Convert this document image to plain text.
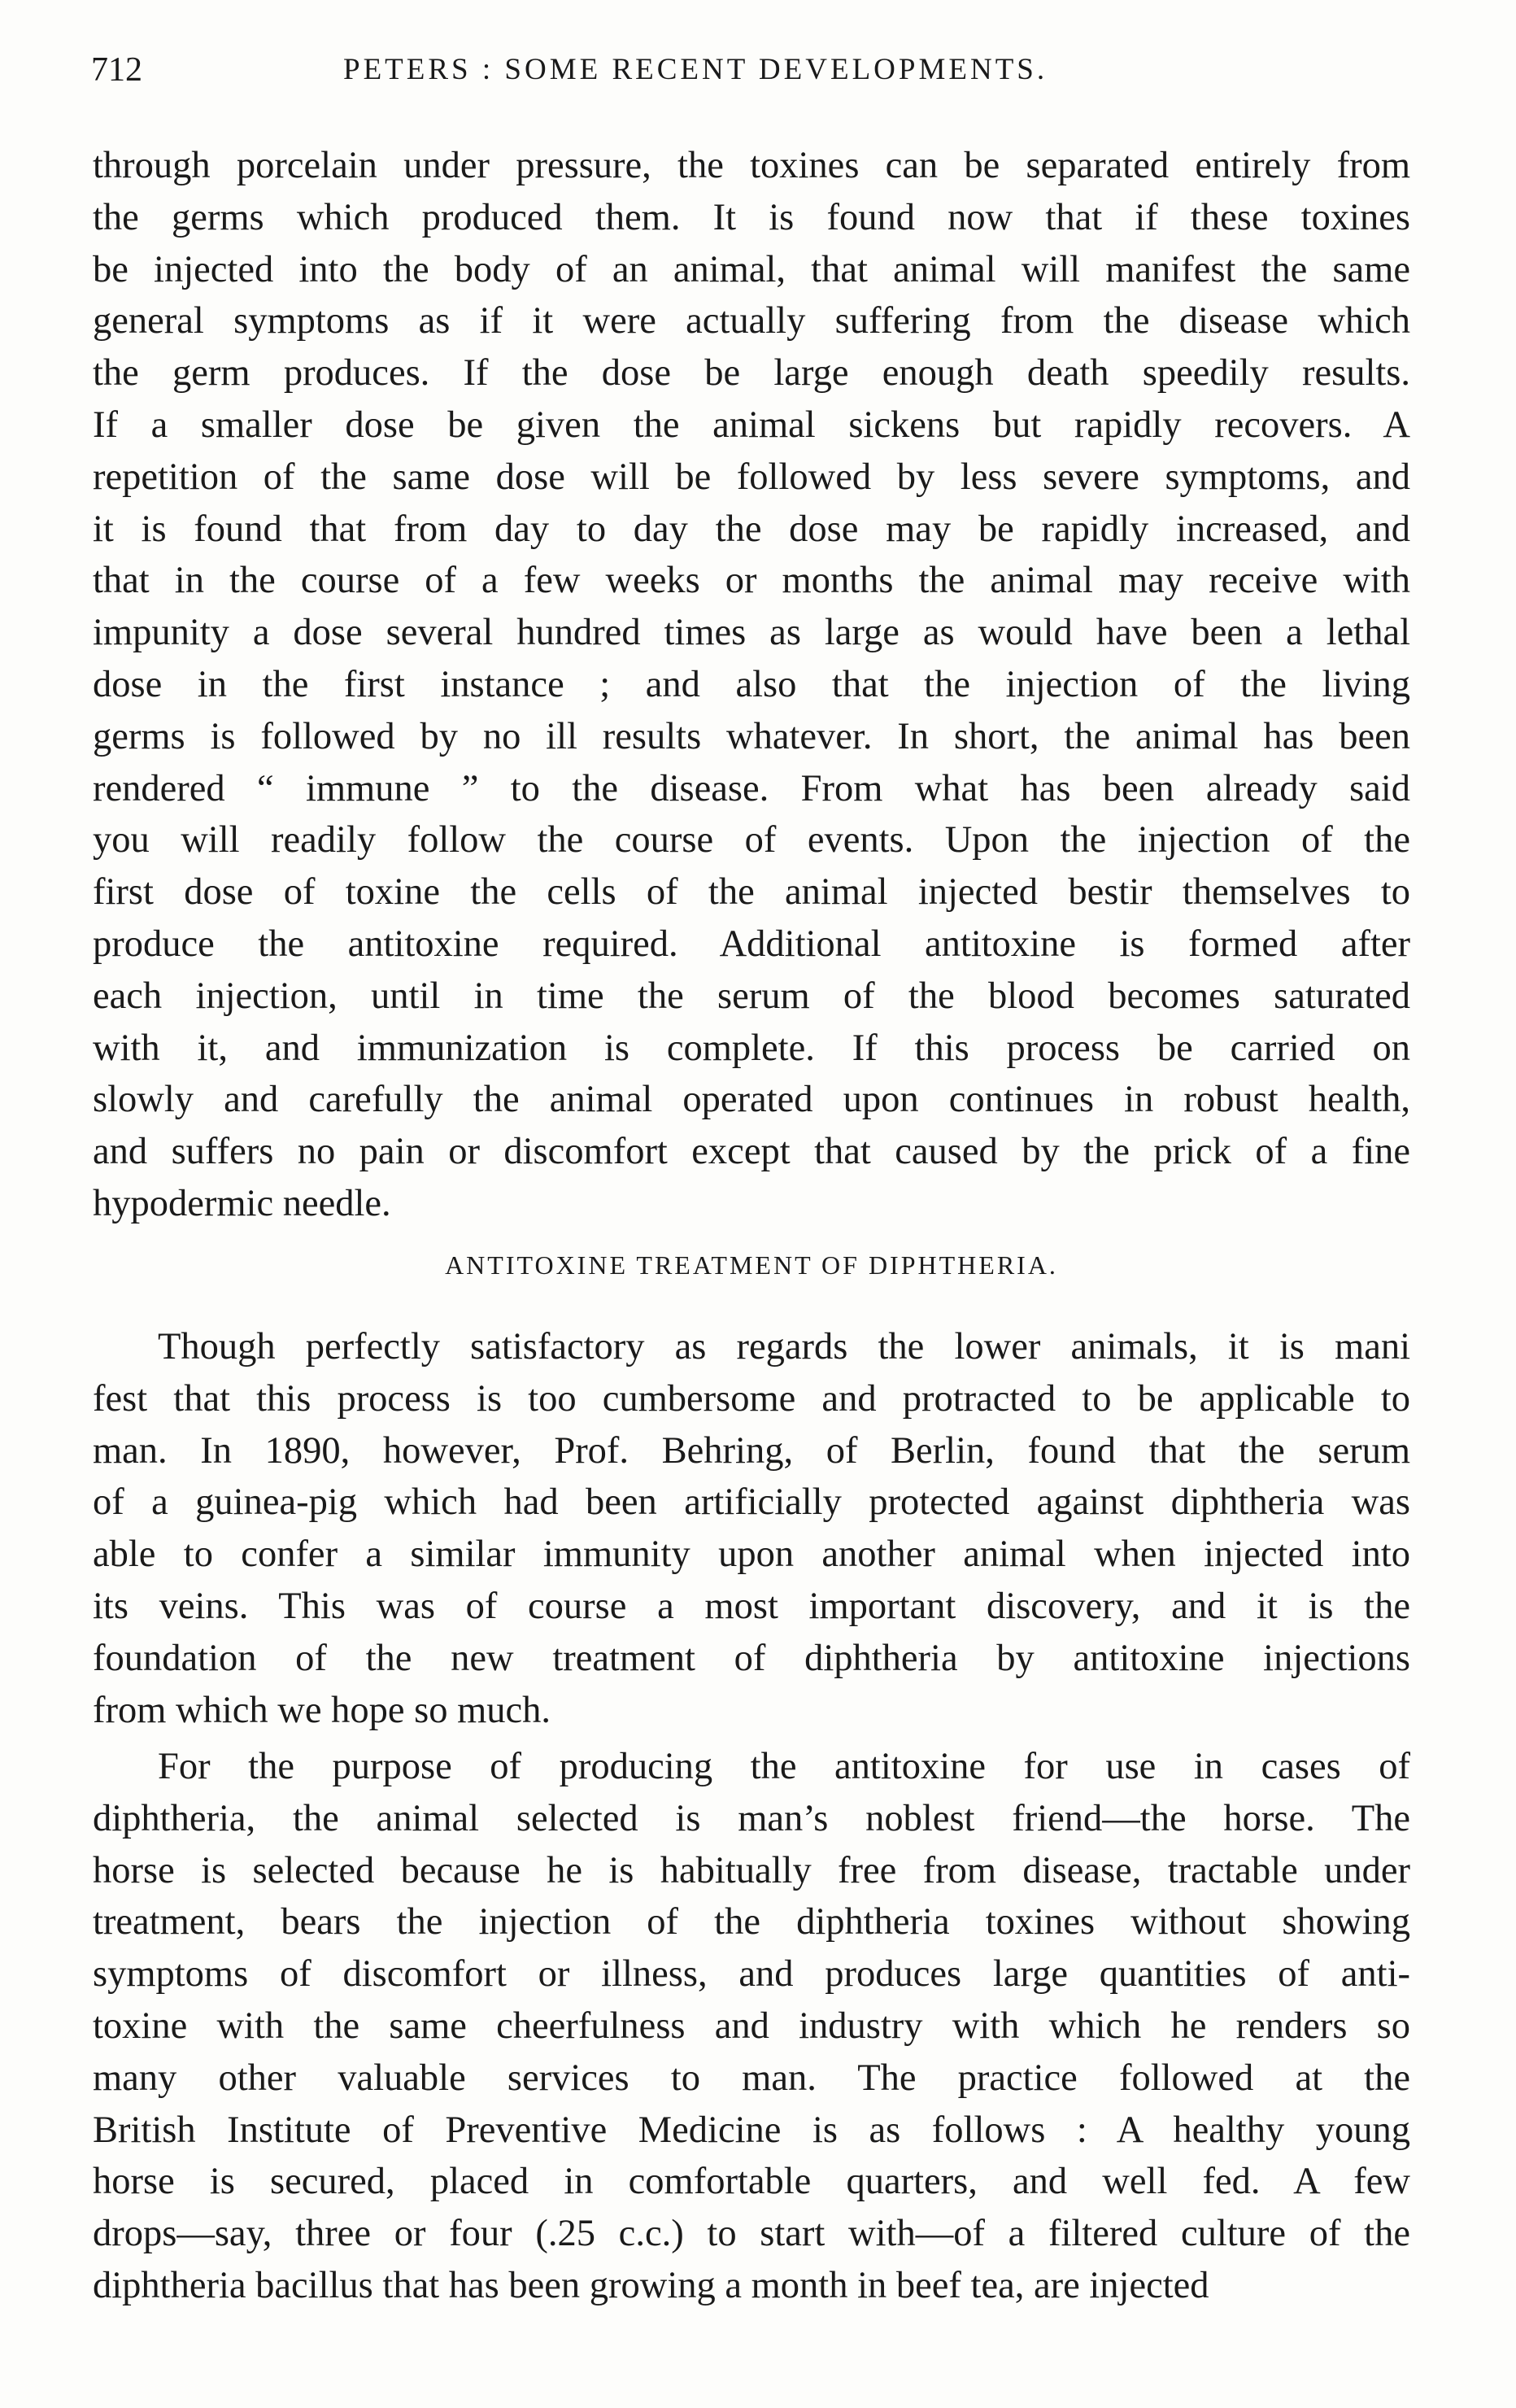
712	PETERS : SOME RECENT DEVELOPMENTS.
through porcelain under pressure, the toxines can be separated entirely from
the germs which produced them. It is found now that if these toxines
be injected into the body of an animal, that animal will manifest the same
general symptoms as if it were actually suffering from the disease which
the germ produces. If the dose be large enough death speedily results.
If a smaller dose be given the animal sickens but rapidly recovers. A
repetition of the same dose will be followed by less severe symptoms, and
it is found that from day to day the dose may be rapidly increased, and
that in the course of a few weeks or months the animal may receive with
impunity a dose several hundred times as large as would have been a lethal
dose in the first instance ; and also that the injection of the living
germs is followed by no ill results whatever. In short, the animal has been
rendered “ immune ” to the disease. From what has been already said
you will readily follow the course of events. Upon the injection of the
first dose of toxine the cells of the animal injected bestir themselves to
produce the antitoxine required. Additional antitoxine is formed after
each injection, until in time the serum of the blood becomes saturated
with it, and immunization is complete. If this process be carried on
slowly and carefully the animal operated upon continues in robust health,
and suffers no pain or discomfort except that caused by the prick of a fine
hypodermic needle.
ANTITOXINE TREATMENT OF DIPHTHERIA.
Though perfectly satisfactory as regards the lower animals, it is mani
fest that this process is too cumbersome and protracted to be applicable to
man. In 1890, however, Prof. Behring, of Berlin, found that the serum
of a guinea-pig which had been artificially protected against diphtheria was
able to confer a similar immunity upon another animal when injected into
its veins. This was of course a most important discovery, and it is the
foundation of the new treatment of diphtheria by antitoxine injections
from which we hope so much.
For the purpose of producing the antitoxine for use in cases of
diphtheria, the animal selected is man’s noblest friend—the horse. The
horse is selected because he is habitually free from disease, tractable under
treatment, bears the injection of the diphtheria toxines without showing
symptoms of discomfort or illness, and produces large quantities of anti-
toxine with the same cheerfulness and industry with which he renders so
many other valuable services to man. The practice followed at the
British Institute of Preventive Medicine is as follows : A healthy young
horse is secured, placed in comfortable quarters, and well fed. A few
drops—say, three or four (.25 c.c.) to start with—of a filtered culture of the
diphtheria bacillus that has been growing a month in beef tea, are injected
